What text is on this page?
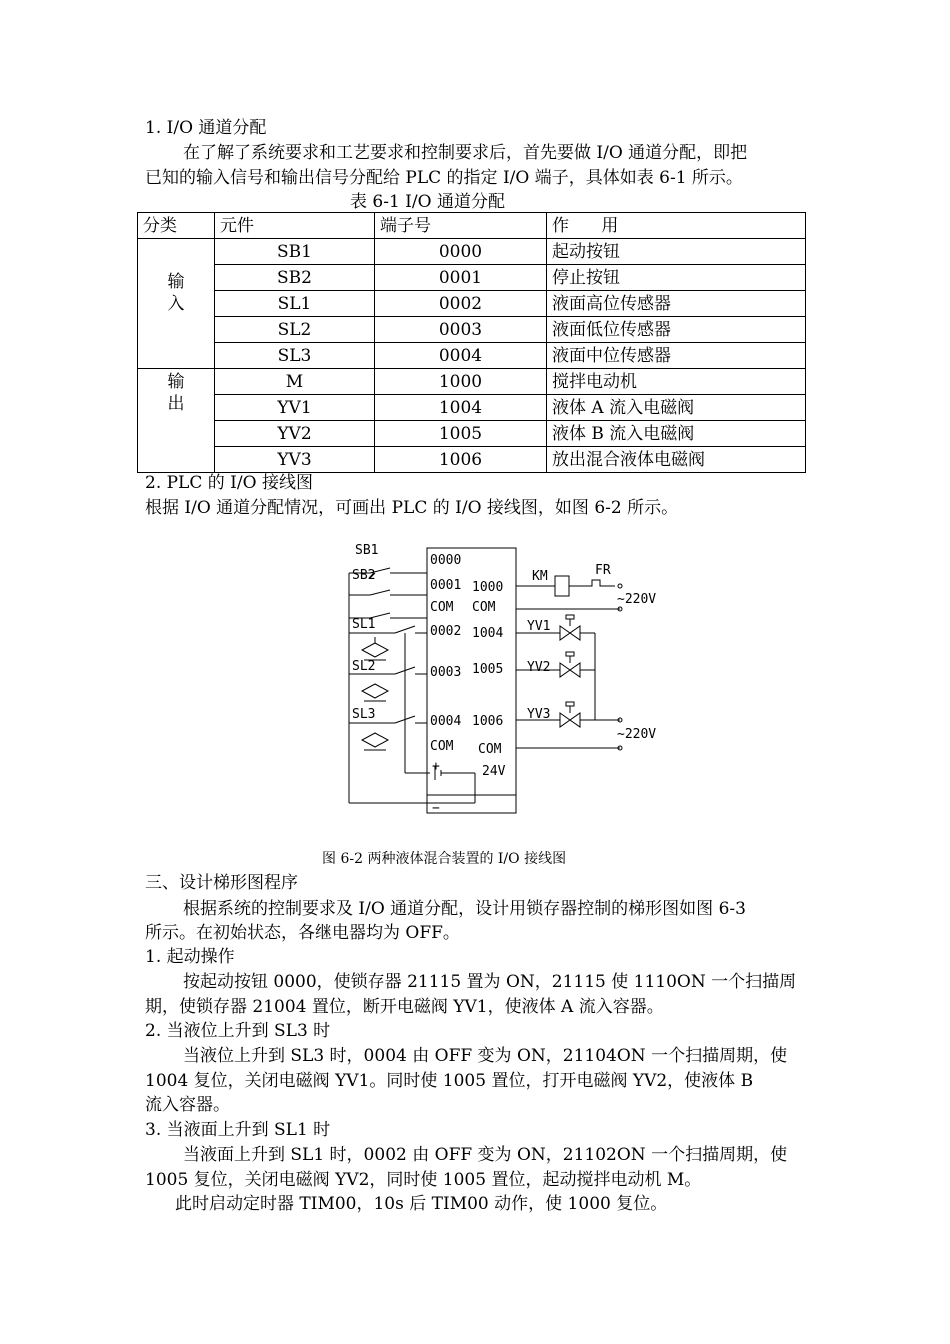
1. I/O 通道分配
在了解了系统要求和工艺要求和控制要求后，首先要做 I/O 通道分配，即把
已知的输入信号和输出信号分配给 PLC 的指定 I/O 端子，具体如表 6-1 所示。
表 6-1 I/O 通道分配
分类	元件	端子号	作      用
输入	SB1	0000	起动按钮
	SB2	0001	停止按钮
	SL1	0002	液面高位传感器
	SL2	0003	液面低位传感器
	SL3	0004	液面中位传感器
输出	M	1000	搅拌电动机
	YV1	1004	液体 A 流入电磁阀
	YV2	1005	液体 B 流入电磁阀
	YV3	1006	放出混合液体电磁阀
2. PLC 的 I/O 接线图
根据 I/O 通道分配情况，可画出 PLC 的 I/O 接线图，如图 6-2 所示。
SB1
SB2
SL1
SL2
SL3
0000
0001
COM
0002
0003
0004
COM
1000
COM
1004
1005
1006
COM
KM	FR
~220V
YV1
YV2
YV3
~220V
+	24V
−
图 6-2 两种液体混合装置的 I/O 接线图
三、设计梯形图程序
根据系统的控制要求及 I/O 通道分配，设计用锁存器控制的梯形图如图 6-3
所示。在初始状态，各继电器均为 OFF。
1. 起动操作
按起动按钮 0000，使锁存器 21115 置为 ON，21115 使 1110ON 一个扫描周
期，使锁存器 21004 置位，断开电磁阀 YV1，使液体 A 流入容器。
2. 当液位上升到 SL3 时
当液位上升到 SL3 时，0004 由 OFF 变为 ON，21104ON 一个扫描周期，使
1004 复位，关闭电磁阀 YV1。同时使 1005 置位，打开电磁阀 YV2，使液体 B
流入容器。
3. 当液面上升到 SL1 时
当液面上升到 SL1 时，0002 由 OFF 变为 ON，21102ON 一个扫描周期，使
1005 复位，关闭电磁阀 YV2，同时使 1005 置位，起动搅拌电动机 M。
此时启动定时器 TIM00，10s 后 TIM00 动作，使 1000 复位。
